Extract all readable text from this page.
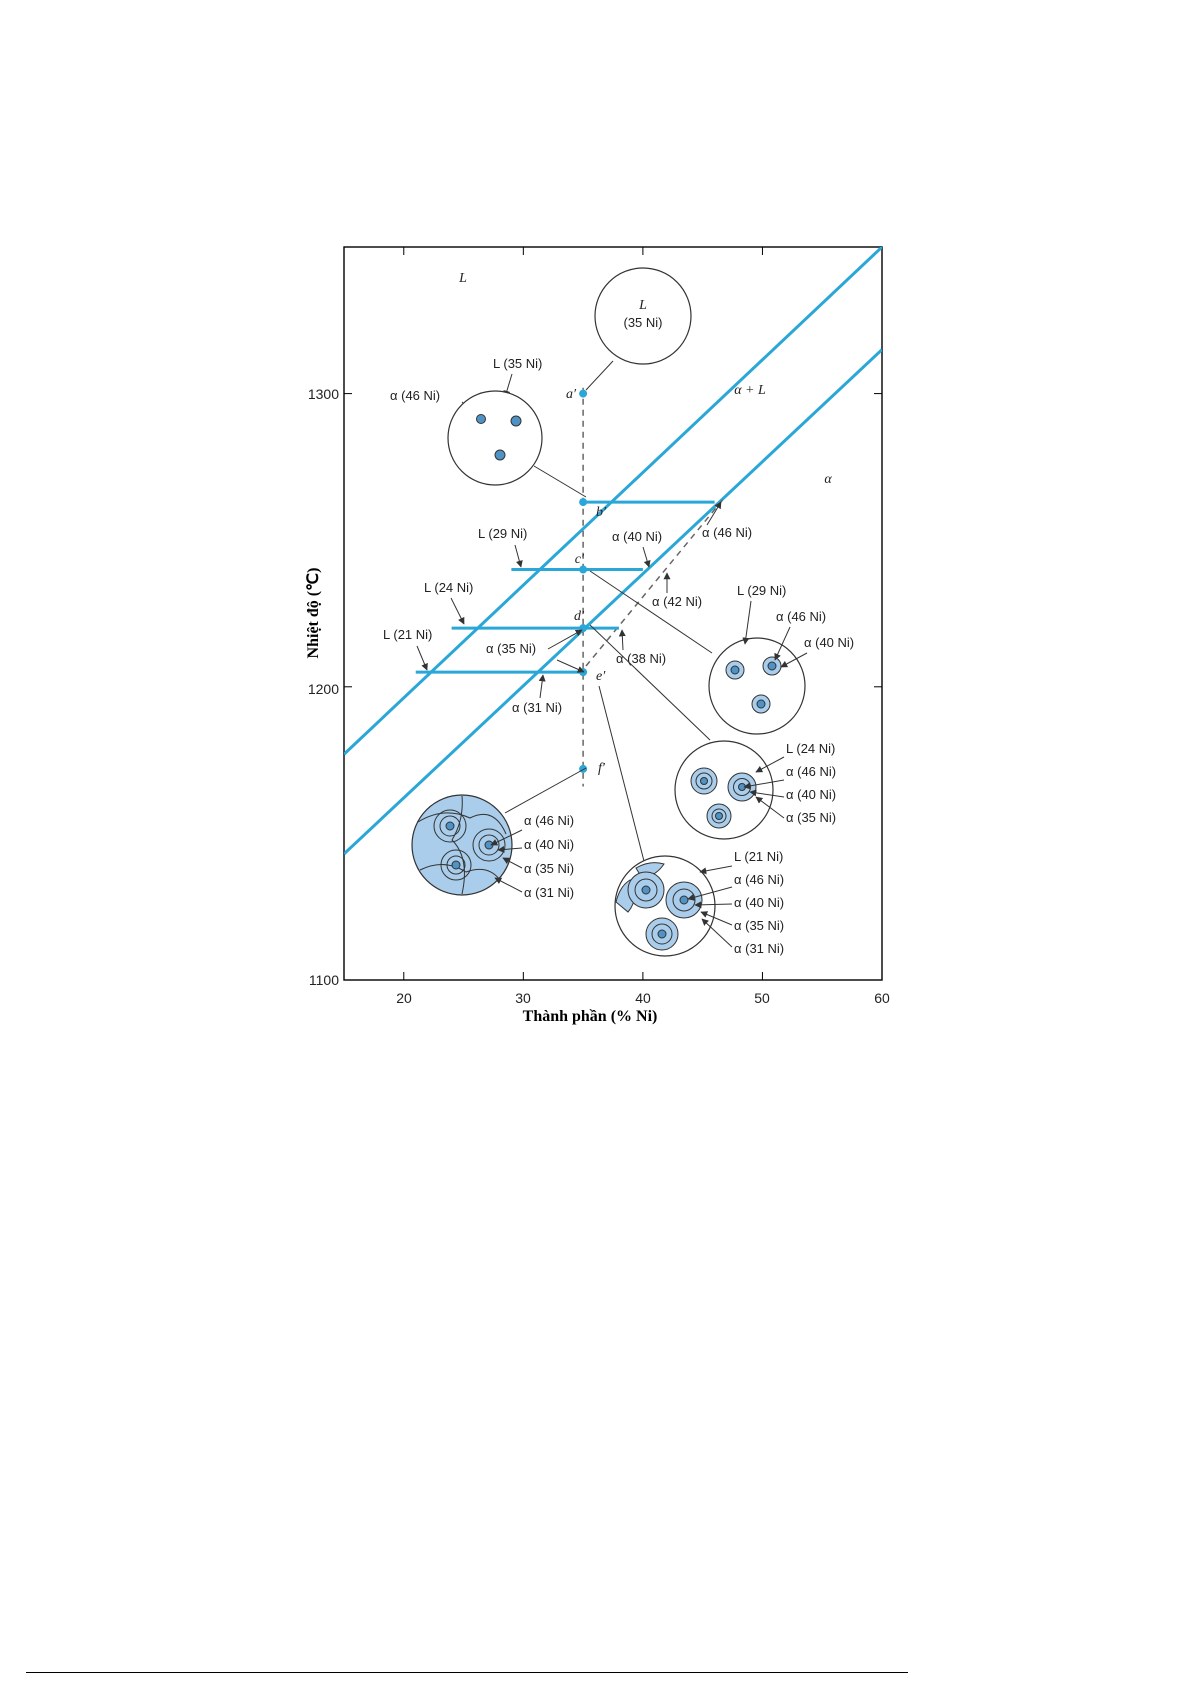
20	30	40	50	60
1100
1200
1300
Thành phần (% Ni)
Nhiệt độ (℃)
L
α + L
α
a′
b′
c′
d′
e′
f′
L (35 Ni)
α (46 Ni)
L (29 Ni)	α (40 Ni)	α (46 Ni)
L (24 Ni)
α (42 Ni)
L (21 Ni)
α (35 Ni)
α (38 Ni)
α (31 Ni)
L
(35 Ni)
L (29 Ni)
α (46 Ni)
α (40 Ni)
L (24 Ni)
α (46 Ni)
α (40 Ni)
α (35 Ni)
α (46 Ni)
α (40 Ni)
α (35 Ni)
α (31 Ni)
L (21 Ni)
α (46 Ni)
α (40 Ni)
α (35 Ni)
α (31 Ni)
